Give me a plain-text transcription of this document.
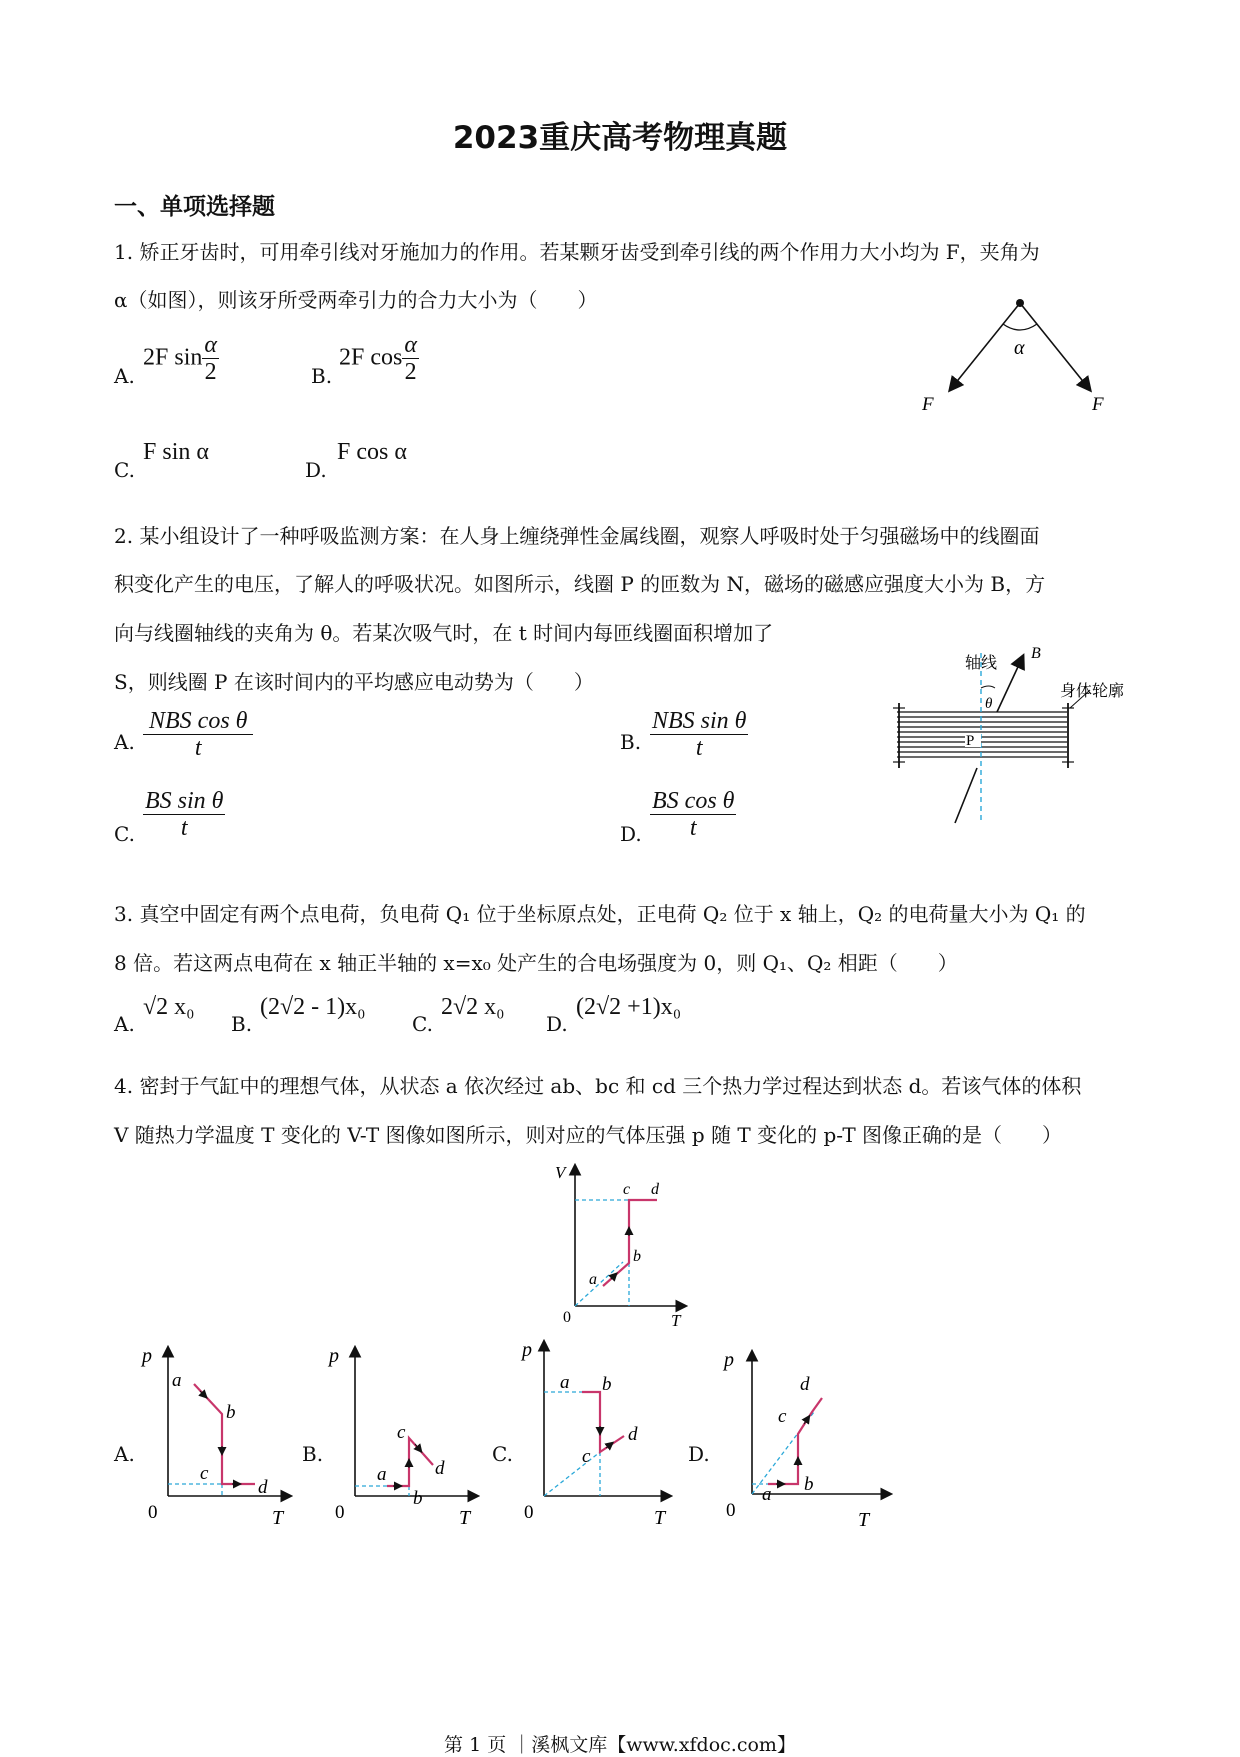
2023重庆高考物理真题
一、单项选择题
1. 矫正牙齿时，可用牵引线对牙施加力的作用。若某颗牙齿受到牵引线的两个作用力大小均为 F，夹角为
α（如图），则该牙所受两牵引力的合力大小为（　　）
A.
2F $\sin \frac{\alpha}{2}$	B.
2F $\cos \frac{\alpha}{2}$
C.
F sin α
D.
F cos α
α
F	F
2. 某小组设计了一种呼吸监测方案：在人身上缠绕弹性金属线圈，观察人呼吸时处于匀强磁场中的线圈面
积变化产生的电压，了解人的呼吸状况。如图所示，线圈 P 的匝数为 N，磁场的磁感应强度大小为 B，方
向与线圈轴线的夹角为 θ。若某次吸气时，在 t 时间内每匝线圈面积增加了
S，则线圈 P 在该时间内的平均感应电动势为（　　）
A. $\frac{\text{NBS cos θ}}{t}$	B. $\frac{\text{NBS sin θ}}{t}$
C. $\frac{\text{BS sin θ}}{t}$	D. $\frac{\text{BS cos θ}}{t}$
轴线
B
身体轮廓
θ
P
3. 真空中固定有两个点电荷，负电荷 Q₁ 位于坐标原点处，正电荷 Q₂ 位于 x 轴上，Q₂ 的电荷量大小为 Q₁ 的
8 倍。若这两点电荷在 x 轴正半轴的 x=x₀ 处产生的合电场强度为 0，则 Q₁、Q₂ 相距（　　）
A.
√2 x₀
B.
(2√2 - 1)x₀
C.
2√2 x₀
D.
(2√2 +1)x₀
4. 密封于气缸中的理想气体，从状态 a 依次经过 ab、bc 和 cd 三个热力学过程达到状态 d。若该气体的体积
V 随热力学温度 T 变化的 V-T 图像如图所示，则对应的气体压强 p 随 T 变化的 p-T 图像正确的是（　　）
V
T
0
a
b
c d
A.	B.	C.	D.
p
T
0
a
b
c
d
p
T
0
a
b
c
d
p
T
0
a b
c
d
p
T
0
a b
c
d
第 1 页 ｜溪枫文库【www.xfdoc.com】
